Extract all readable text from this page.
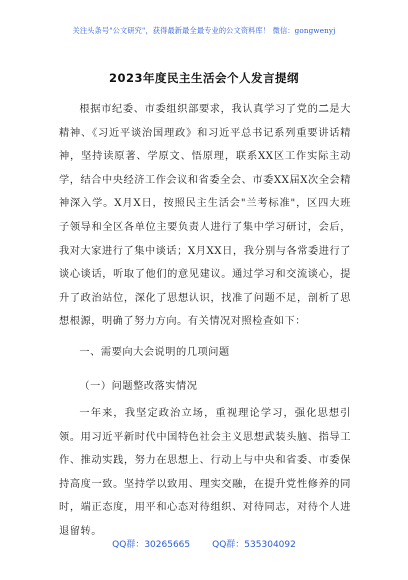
关注头条号"公文研究"，获得最新最全最专业的公文资料库！ 微信：gongwenyj
2023年度民主生活会个人发言提纲

根据市纪委、市委组织部要求，我认真学习了党的二是大精神、《习近平谈治国理政》和习近平总书记系列重要讲话精神，坚持读原著、学原文、悟原理，联系XX区工作实际主动学，结合中央经济工作会议和省委全会、市委XX届X次全会精神深入学。X月X日，按照民主生活会"兰考标准"，区四大班子领导和全区各单位主要负责人进行了集中学习研讨，会后，我对大家进行了集中谈话；X月XX日，我分别与各常委进行了谈心谈话，听取了他们的意见建议。通过学习和交流谈心，提升了政治站位，深化了思想认识，找准了问题不足，剖析了思想根源，明确了努力方向。有关情况对照检查如下：

一、需要向大会说明的几项问题

（一）问题整改落实情况

一年来，我坚定政治立场，重视理论学习，强化思想引领。用习近平新时代中国特色社会主义思想武装头脑、指导工作、推动实践，努力在思想上、行动上与中央和省委、市委保持高度一致。坚持学以致用、理实交融，在提升党性修养的同时，端正态度，用平和心态对待组织、对待同志，对待个人进退留转。

QQ群：30265665 QQ群：535304092
